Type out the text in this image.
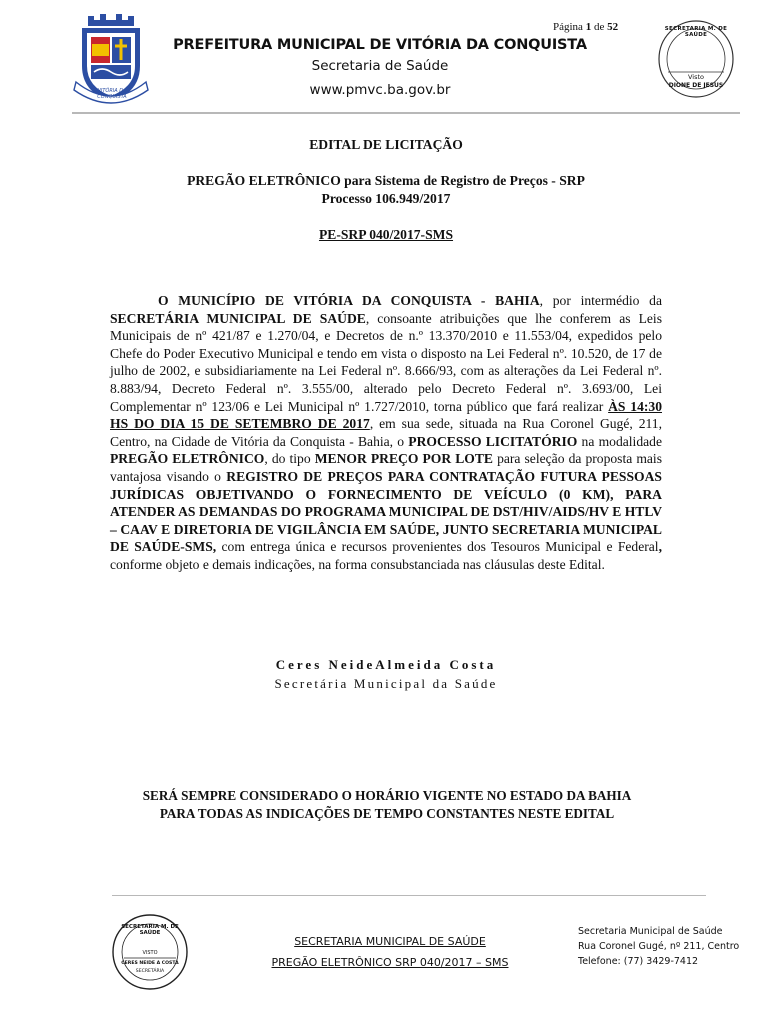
VITÓRIA DA CONQUISTA
Página 1 de 52
PREFEITURA MUNICIPAL DE VITÓRIA DA CONQUISTA
Secretaria de Saúde
www.pmvc.ba.gov.br
SECRETARIA M. DE SAÚDE
Visto
DIONE DE JESUS
EDITAL DE LICITAÇÃO
PREGÃO ELETRÔNICO para Sistema de Registro de Preços - SRP
Processo 106.949/2017
PE-SRP 040/2017-SMS
O MUNICÍPIO DE VITÓRIA DA CONQUISTA - BAHIA, por intermédio da SECRETÁRIA MUNICIPAL DE SAÚDE, consoante atribuições que lhe conferem as Leis Municipais de nº 421/87 e 1.270/04, e Decretos de n.º 13.370/2010 e 11.553/04, expedidos pelo Chefe do Poder Executivo Municipal e tendo em vista o disposto na Lei Federal nº. 10.520, de 17 de julho de 2002, e subsidiariamente na Lei Federal nº. 8.666/93, com as alterações da Lei Federal nº. 8.883/94, Decreto Federal nº. 3.555/00, alterado pelo Decreto Federal nº. 3.693/00, Lei Complementar nº 123/06 e Lei Municipal nº 1.727/2010, torna público que fará realizar ÀS 14:30 HS DO DIA 15 DE SETEMBRO DE 2017, em sua sede, situada na Rua Coronel Gugé, 211, Centro, na Cidade de Vitória da Conquista - Bahia, o PROCESSO LICITATÓRIO na modalidade PREGÃO ELETRÔNICO, do tipo MENOR PREÇO POR LOTE para seleção da proposta mais vantajosa visando o REGISTRO DE PREÇOS PARA CONTRATAÇÃO FUTURA PESSOAS JURÍDICAS OBJETIVANDO O FORNECIMENTO DE VEÍCULO (0 KM), PARA ATENDER AS DEMANDAS DO PROGRAMA MUNICIPAL DE DST/HIV/AIDS/HV E HTLV – CAAV E DIRETORIA DE VIGILÂNCIA EM SAÚDE, JUNTO SECRETARIA MUNICIPAL DE SAÚDE-SMS, com entrega única e recursos provenientes dos Tesouros Municipal e Federal, conforme objeto e demais indicações, na forma consubstanciada nas cláusulas deste Edital.
Ceres NeideAlmeida Costa
Secretária Municipal da Saúde
SERÁ SEMPRE CONSIDERADO O HORÁRIO VIGENTE NO ESTADO DA BAHIA
PARA TODAS AS INDICAÇÕES DE TEMPO CONSTANTES NESTE EDITAL
SECRETARIA M. DE SAÚDE
VISTO
CERES NEIDE A COSTA
SECRETÁRIA
SECRETARIA MUNICIPAL DE SAÚDE
PREGÃO ELETRÔNICO SRP 040/2017 – SMS
Secretaria Municipal de Saúde
Rua Coronel Gugé, nº 211, Centro
Telefone: (77) 3429-7412
